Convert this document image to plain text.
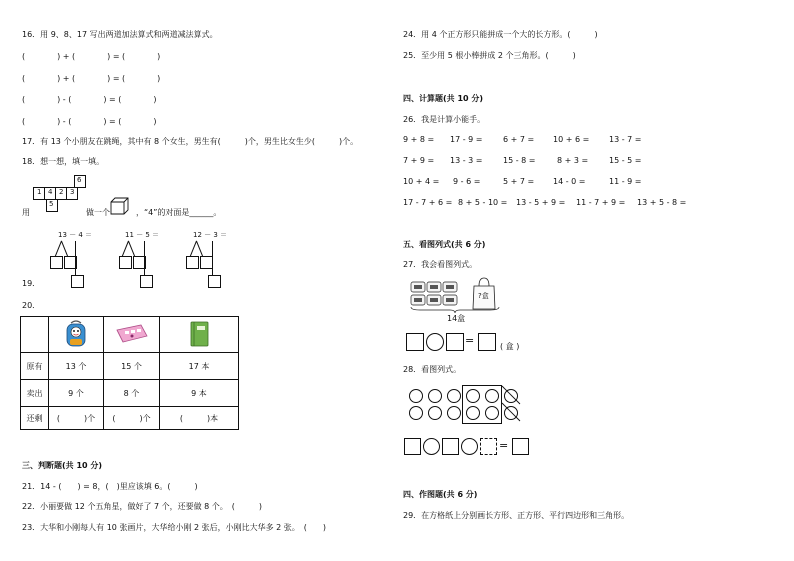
16．用 9、8、17 写出两道加法算式和两道减法算式。
(　　　　) + (　　　　) = (　　　　)
(　　　　) + (　　　　) = (　　　　)
(　　　　) - (　　　　) = (　　　　)
(　　　　) - (　　　　) = (　　　　)
17．有 13 个小朋友在跳绳，其中有 8 个女生，男生有(　　　)个，男生比女生少(　　　)个。
18．想一想，填一填。
1 4 2 3
6
5
用	做一个	，“4”的对面是______。
19．
13 － 4 ＝	11 － 5 ＝	12 － 3 ＝
20．

原有	13 个	15 个	17 本
卖出	9 个	8 个	9 本
还剩	(　　　)个	(　　　)个	(　　　)本
三、判断题(共 10 分)
21．14 - (　　) = 8，(　)里应该填 6。(　　　)
22．小丽要做 12 个五角星，做好了 7 个，还要做 8 个。　(　　　)
23．大华和小刚每人有 10 张画片，大华给小刚 2 张后，小刚比大华多 2 张。　(　　)
24．用 4 个正方形只能拼成一个大的长方形。(　　　)
25．至少用 5 根小棒拼成 2 个三角形。(　　　)
四、计算题(共 10 分)
26．我是计算小能手。
9 + 8 = 17 - 9 =	6 + 7 = 10 + 6 = 13 - 7 =
7 + 9 = 13 - 3 =	15 - 8 =	8 + 3 =	15 - 5 =
10 + 4 = 9 - 6 =	5 + 7 = 14 - 0 =	11 - 9 =
17 - 7 + 6 = 8 + 5 - 10 = 13 - 5 + 9 = 11 - 7 + 9 = 13 + 5 - 8 =
五、看图列式(共 6 分)
27．我会看图列式。
?盒
14盒
=	( 盒 )
28．看图列式。
=
四、作图题(共 6 分)
29．在方格纸上分别画长方形、正方形、平行四边形和三角形。
